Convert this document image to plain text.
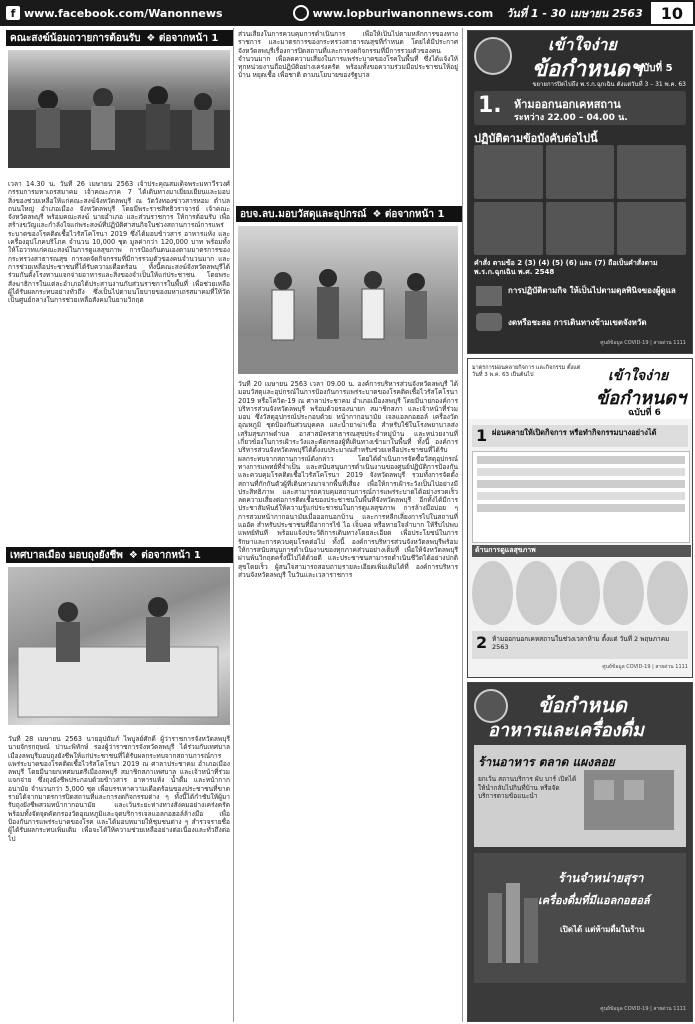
f www.facebook.com/Wanonnews	www.lopburiwanonnews.com วันที่ 1 - 30 เมษายน 2563	10
คณะสงฆ์น้อมถวายการต้อนรับ ❖ ต่อจากหน้า 1
เวลา 14.30 น. วันที่ 26 เมษายน 2563 เจ้าประคุณสมเด็จพระมหาวีรวงศ์ กรรมการมหาเถรสมาคม เจ้าคณะภาค 7 ได้เดินทางมาเยี่ยมเยียนและมอบสิ่งของช่วยเหลือให้แก่คณะสงฆ์จังหวัดลพบุรี ณ วัดวังทองข่าวสารหอม ตำบลถนนใหญ่ อำเภอเมือง จังหวัดลพบุรี โดยมีพระราชสิทธิวราจารย์ เจ้าคณะจังหวัดลพบุรี พร้อมคณะสงฆ์ นายอำเภอ และส่วนราชการ ให้การต้อนรับ เพื่อสร้างขวัญและกำลังใจแก่พระสงฆ์ที่ปฏิบัติศาสนกิจในช่วงสถานการณ์การแพร่ระบาดของโรคติดเชื้อไวรัสโคโรนา 2019 ซึ่งได้มอบข้าวสาร อาหารแห้ง และเครื่องอุปโภคบริโภค จำนวน 10,000 ชุด มูลค่ากว่า 120,000 บาท พร้อมทั้งให้โอวาทแก่คณะสงฆ์ในการดูแลสุขภาพ การป้องกันตนเองตามมาตรการของกระทรวงสาธารณสุข การงดจัดกิจกรรมที่มีการรวมตัวของคนจำนวนมาก และการช่วยเหลือประชาชนที่ได้รับความเดือดร้อน ทั้งนี้คณะสงฆ์จังหวัดลพบุรีได้ร่วมกันตั้งโรงทานแจกจ่ายอาหารและสิ่งของจำเป็นให้แก่ประชาชน โดยพระสังฆาธิการในแต่ละอำเภอได้ประสานงานกับส่วนราชการในพื้นที่ เพื่อช่วยเหลือผู้ได้รับผลกระทบอย่างทั่วถึง ซึ่งเป็นไปตามนโยบายของมหาเถรสมาคมที่ให้วัดเป็นศูนย์กลางในการช่วยเหลือสังคมในยามวิกฤต
เทศบาลเมือง มอบถุงยังชีพ ❖ ต่อจากหน้า 1
วันที่ 28 เมษายน 2563 นายอุปถัมภ์ ไพบูลย์ศักดิ์ ผู้ว่าราชการจังหวัดลพบุรี นายจักรกฤษณ์ ปานะพิทักษ์ รองผู้ว่าราชการจังหวัดลพบุรี ได้ร่วมกับเทศบาลเมืองลพบุรีมอบถุงยังชีพให้แก่ประชาชนที่ได้รับผลกระทบจากสถานการณ์การแพร่ระบาดของโรคติดเชื้อไวรัสโคโรนา 2019 ณ ศาลาประชาคม อำเภอเมืองลพบุรี โดยมีนายกเทศมนตรีเมืองลพบุรี สมาชิกสภาเทศบาล และเจ้าหน้าที่ร่วมแจกจ่าย ซึ่งถุงยังชีพประกอบด้วยข้าวสาร อาหารแห้ง น้ำดื่ม และหน้ากากอนามัย จำนวนกว่า 5,000 ชุด เพื่อบรรเทาความเดือดร้อนของประชาชนที่ขาดรายได้จากมาตรการปิดสถานที่และการงดกิจกรรมต่าง ๆ ทั้งนี้ได้กำชับให้ผู้มารับถุงยังชีพสวมหน้ากากอนามัย และเว้นระยะห่างทางสังคมอย่างเคร่งครัด พร้อมทั้งจัดจุดคัดกรองวัดอุณหภูมิและจุดบริการเจลแอลกอฮอล์ล้างมือ เพื่อป้องกันการแพร่ระบาดของโรค และได้มอบหมายให้ชุมชนต่าง ๆ สำรวจรายชื่อผู้ได้รับผลกระทบเพิ่มเติม เพื่อจะได้ให้ความช่วยเหลืออย่างต่อเนื่องและทั่วถึงต่อไป
ส่วนเสี่ยงในการควบคุมการดำเนินการ เพื่อให้เป็นไปตามหลักการของทางราชการ และมาตรการของกระทรวงสาธารณสุขที่กำหนด โดยได้มีประกาศจังหวัดลพบุรีเรื่องการปิดสถานที่และการงดกิจกรรมที่มีการรวมตัวของคนจำนวนมาก เพื่อลดความเสี่ยงในการแพร่ระบาดของโรคในพื้นที่ ซึ่งได้แจ้งให้ทุกหน่วยงานถือปฏิบัติอย่างเคร่งครัด พร้อมทั้งขอความร่วมมือประชาชนให้อยู่บ้าน หยุดเชื้อ เพื่อชาติ ตามนโยบายของรัฐบาล
อบจ.ลบ.มอบวัสดุและอุปกรณ์ ❖ ต่อจากหน้า 1
วันที่ 20 เมษายน 2563 เวลา 09.00 น. องค์การบริหารส่วนจังหวัดลพบุรี ได้มอบวัสดุและอุปกรณ์ในการป้องกันการแพร่ระบาดของโรคติดเชื้อไวรัสโคโรนา 2019 หรือโควิด-19 ณ ศาลาประชาคม อำเภอเมืองลพบุรี โดยมีนายกองค์การบริหารส่วนจังหวัดลพบุรี พร้อมด้วยรองนายก สมาชิกสภา และเจ้าหน้าที่ร่วมมอบ ซึ่งวัสดุอุปกรณ์ประกอบด้วย หน้ากากอนามัย เจลแอลกอฮอล์ เครื่องวัดอุณหภูมิ ชุดป้องกันส่วนบุคคล และน้ำยาฆ่าเชื้อ สำหรับใช้ในโรงพยาบาลส่งเสริมสุขภาพตำบล อาสาสมัครสาธารณสุขประจำหมู่บ้าน และหน่วยงานที่เกี่ยวข้องในการเฝ้าระวังและคัดกรองผู้ที่เดินทางเข้ามาในพื้นที่ ทั้งนี้ องค์การบริหารส่วนจังหวัดลพบุรีได้ตั้งงบประมาณสำหรับช่วยเหลือประชาชนที่ได้รับผลกระทบจากสถานการณ์ดังกล่าว โดยได้ดำเนินการจัดซื้อวัสดุอุปกรณ์ทางการแพทย์ที่จำเป็น และสนับสนุนการดำเนินงานของศูนย์ปฏิบัติการป้องกันและควบคุมโรคติดเชื้อไวรัสโคโรนา 2019 จังหวัดลพบุรี รวมทั้งการจัดตั้งสถานที่กักกันตัวผู้ที่เดินทางมาจากพื้นที่เสี่ยง เพื่อให้การเฝ้าระวังเป็นไปอย่างมีประสิทธิภาพ และสามารถควบคุมสถานการณ์การแพร่ระบาดได้อย่างรวดเร็ว ลดความเสี่ยงต่อการติดเชื้อของประชาชนในพื้นที่จังหวัดลพบุรี อีกทั้งได้มีการประชาสัมพันธ์ให้ความรู้แก่ประชาชนในการดูแลสุขภาพ การล้างมือบ่อย ๆ การสวมหน้ากากอนามัยเมื่อออกนอกบ้าน และการหลีกเลี่ยงการไปในสถานที่แออัด สำหรับประชาชนที่มีอาการไข้ ไอ เจ็บคอ หรือหายใจลำบาก ให้รีบไปพบแพทย์ทันที พร้อมแจ้งประวัติการเดินทางโดยละเอียด เพื่อประโยชน์ในการรักษาและการควบคุมโรคต่อไป ทั้งนี้ องค์การบริหารส่วนจังหวัดลพบุรีพร้อมให้การสนับสนุนการดำเนินงานของทุกภาคส่วนอย่างเต็มที่ เพื่อให้จังหวัดลพบุรีผ่านพ้นวิกฤตครั้งนี้ไปได้ด้วยดี และประชาชนสามารถดำเนินชีวิตได้อย่างปกติสุขโดยเร็ว ผู้สนใจสามารถสอบถามรายละเอียดเพิ่มเติมได้ที่ องค์การบริหารส่วนจังหวัดลพบุรี ในวันและเวลาราชการ
เข้าใจง่าย
ข้อกำหนดฯ
ฉบับที่ 5
ขยายการปิดไปถึง พ.ร.ก.ฉุกเฉิน ดังแต่วันที่ 3 – 31 พ.ค. 63
1. ห้ามออกนอกเคหสถาน
ระหว่าง 22.00 – 04.00 น.
ปฏิบัติตามข้อบังคับต่อไปนี้
คำสั่ง ตามข้อ 2 (3) (4) (5) (6) และ (7) ถือเป็นคำสั่งตาม พ.ร.ก.ฉุกเฉิน พ.ศ. 2548
การปฏิบัติตามกิจ ให้เป็นไปตามดุลพินิจของผู้ดูแล
งดหรือชะลอ การเดินทางข้ามเขตจังหวัด
ศูนย์ข้อมูล COVID-19 | สายด่วน 1111
มาตรการผ่อนคลายกิจการ และกิจกรรม ตั้งแต่ วันที่ 3 พ.ค. 63 เป็นต้นไป	เข้าใจง่าย
ข้อกำหนดฯ
ฉบับที่ 6
1 ผ่อนคลายให้เปิดกิจการ หรือทำกิจกรรมบางอย่างได้
ด้านการดูแลสุขภาพ
2 ห้ามออกนอกเคหสถานในช่วงเวลาห้าม ตั้งแต่ วันที่ 2 พฤษภาคม 2563
ศูนย์ข้อมูล COVID-19 | สายด่วน 1111
ข้อกำหนด
อาหารและเครื่องดื่ม
ร้านอาหาร ตลาด แผงลอย
ยกเว้น สถานบริการ ผับ บาร์ เปิดได้ ให้นำกลับไปกินที่บ้าน หรือจัดบริการตามข้อแนะนำ
ร้านจำหน่ายสุรา
เครื่องดื่มที่มีแอลกอฮอล์
เปิดได้ แต่ห้ามดื่มในร้าน
ศูนย์ข้อมูล COVID-19 | สายด่วน 1111
